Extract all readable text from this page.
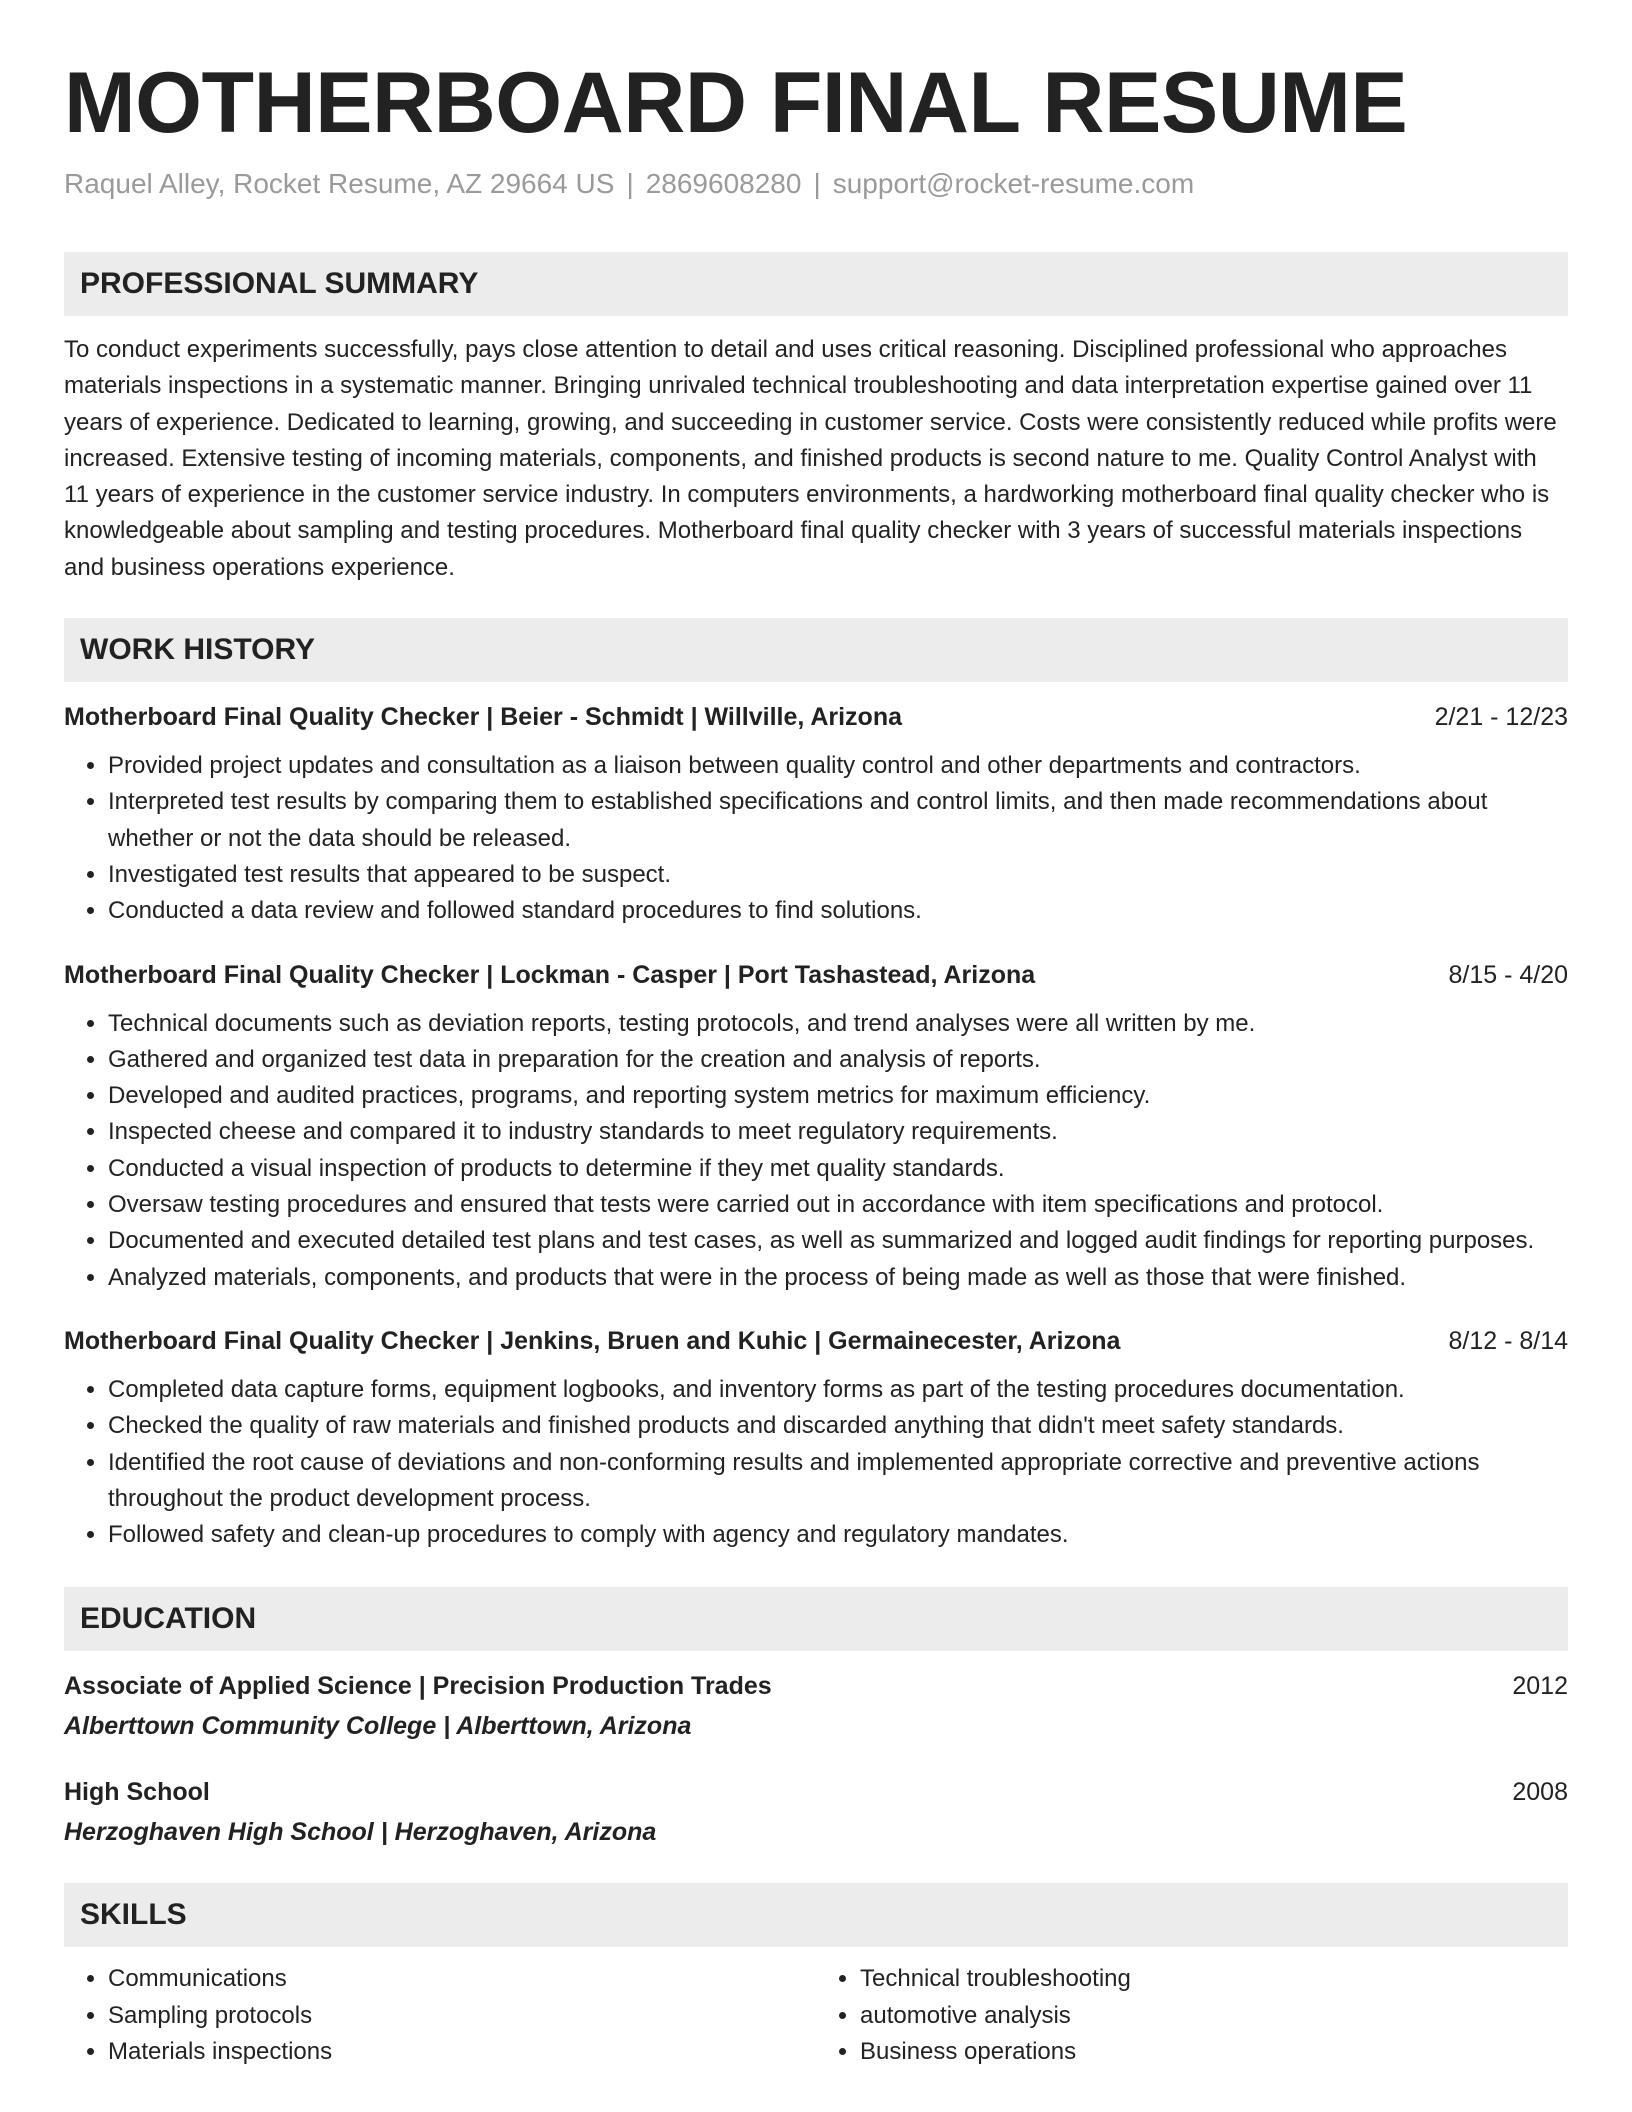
MOTHERBOARD FINAL RESUME
Raquel Alley, Rocket Resume, AZ 29664 US | 2869608280 | support@rocket-resume.com
PROFESSIONAL SUMMARY

To conduct experiments successfully, pays close attention to detail and uses critical reasoning. Disciplined professional who approaches materials inspections in a systematic manner. Bringing unrivaled technical troubleshooting and data interpretation expertise gained over 11 years of experience. Dedicated to learning, growing, and succeeding in customer service. Costs were consistently reduced while profits were increased. Extensive testing of incoming materials, components, and finished products is second nature to me. Quality Control Analyst with 11 years of experience in the customer service industry. In computers environments, a hardworking motherboard final quality checker who is knowledgeable about sampling and testing procedures. Motherboard final quality checker with 3 years of successful materials inspections and business operations experience.

WORK HISTORY
Motherboard Final Quality Checker | Beier - Schmidt | Willville, Arizona	2/21 - 12/23
• Provided project updates and consultation as a liaison between quality control and other departments and contractors.
• Interpreted test results by comparing them to established specifications and control limits, and then made recommendations about whether or not the data should be released.
• Investigated test results that appeared to be suspect.
• Conducted a data review and followed standard procedures to find solutions.
Motherboard Final Quality Checker | Lockman - Casper | Port Tashastead, Arizona	8/15 - 4/20
• Technical documents such as deviation reports, testing protocols, and trend analyses were all written by me.
• Gathered and organized test data in preparation for the creation and analysis of reports.
• Developed and audited practices, programs, and reporting system metrics for maximum efficiency.
• Inspected cheese and compared it to industry standards to meet regulatory requirements.
• Conducted a visual inspection of products to determine if they met quality standards.
• Oversaw testing procedures and ensured that tests were carried out in accordance with item specifications and protocol.
• Documented and executed detailed test plans and test cases, as well as summarized and logged audit findings for reporting purposes.
• Analyzed materials, components, and products that were in the process of being made as well as those that were finished.
Motherboard Final Quality Checker | Jenkins, Bruen and Kuhic | Germainecester, Arizona	8/12 - 8/14
• Completed data capture forms, equipment logbooks, and inventory forms as part of the testing procedures documentation.
• Checked the quality of raw materials and finished products and discarded anything that didn't meet safety standards.
• Identified the root cause of deviations and non-conforming results and implemented appropriate corrective and preventive actions throughout the product development process.
• Followed safety and clean-up procedures to comply with agency and regulatory mandates.
EDUCATION
Associate of Applied Science | Precision Production Trades	2012
Alberttown Community College | Alberttown, Arizona
High School	2008
Herzoghaven High School | Herzoghaven, Arizona
SKILLS
• Communications
• Sampling protocols
• Materials inspections
• Technical troubleshooting
• automotive analysis
• Business operations
